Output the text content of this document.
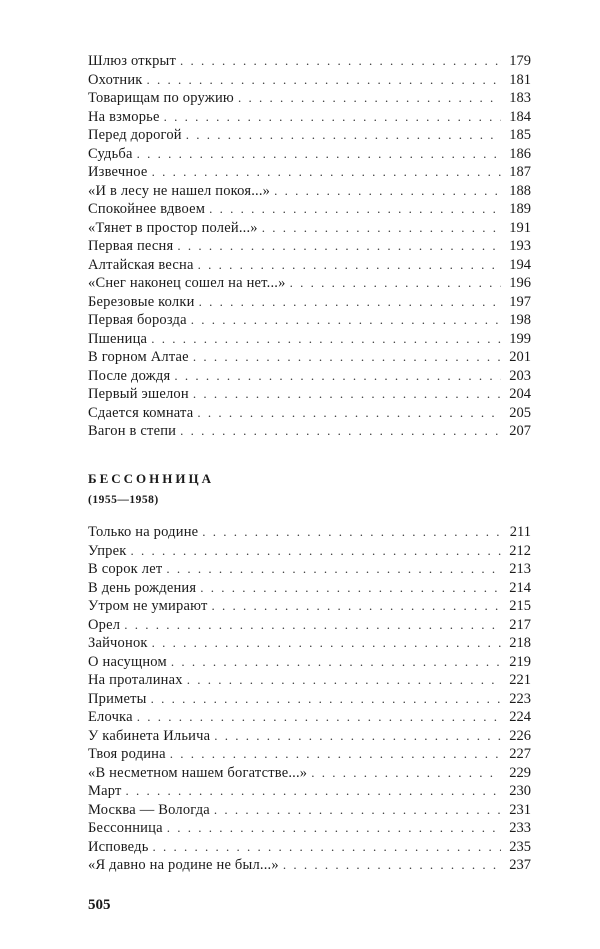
Шлюз открыт . . .	179
Охотник . . .	181
Товарищам по оружию . . .	183
На взморье . . .	184
Перед дорогой . . .	185
Судьба . . .	186
Извечное . . .	187
«И в лесу не нашел покоя...» . . .	188
Спокойнее вдвоем . . .	189
«Тянет в простор полей...» . . .	191
Первая песня . . .	193
Алтайская весна . . .	194
«Снег наконец сошел на нет...» . . .	196
Березовые колки . . .	197
Первая борозда . . .	198
Пшеница . . .	199
В горном Алтае . . .	201
После дождя . . .	203
Первый эшелон . . .	204
Сдается комната . . .	205
Вагон в степи . . .	207
БЕССОННИЦА
(1955—1958)
Только на родине . . .	211
Упрек . . .	212
В сорок лет . . .	213
В день рождения . . .	214
Утром не умирают . . .	215
Орел . . .	217
Зайчонок . . .	218
О насущном . . .	219
На проталинах . . .	221
Приметы . . .	223
Елочка . . .	224
У кабинета Ильича . . .	226
Твоя родина . . .	227
«В несметном нашем богатстве...» . . .	229
Март . . .	230
Москва — Вологда . . .	231
Бессонница . . .	233
Исповедь . . .	235
«Я давно на родине не был...» . . .	237
505
